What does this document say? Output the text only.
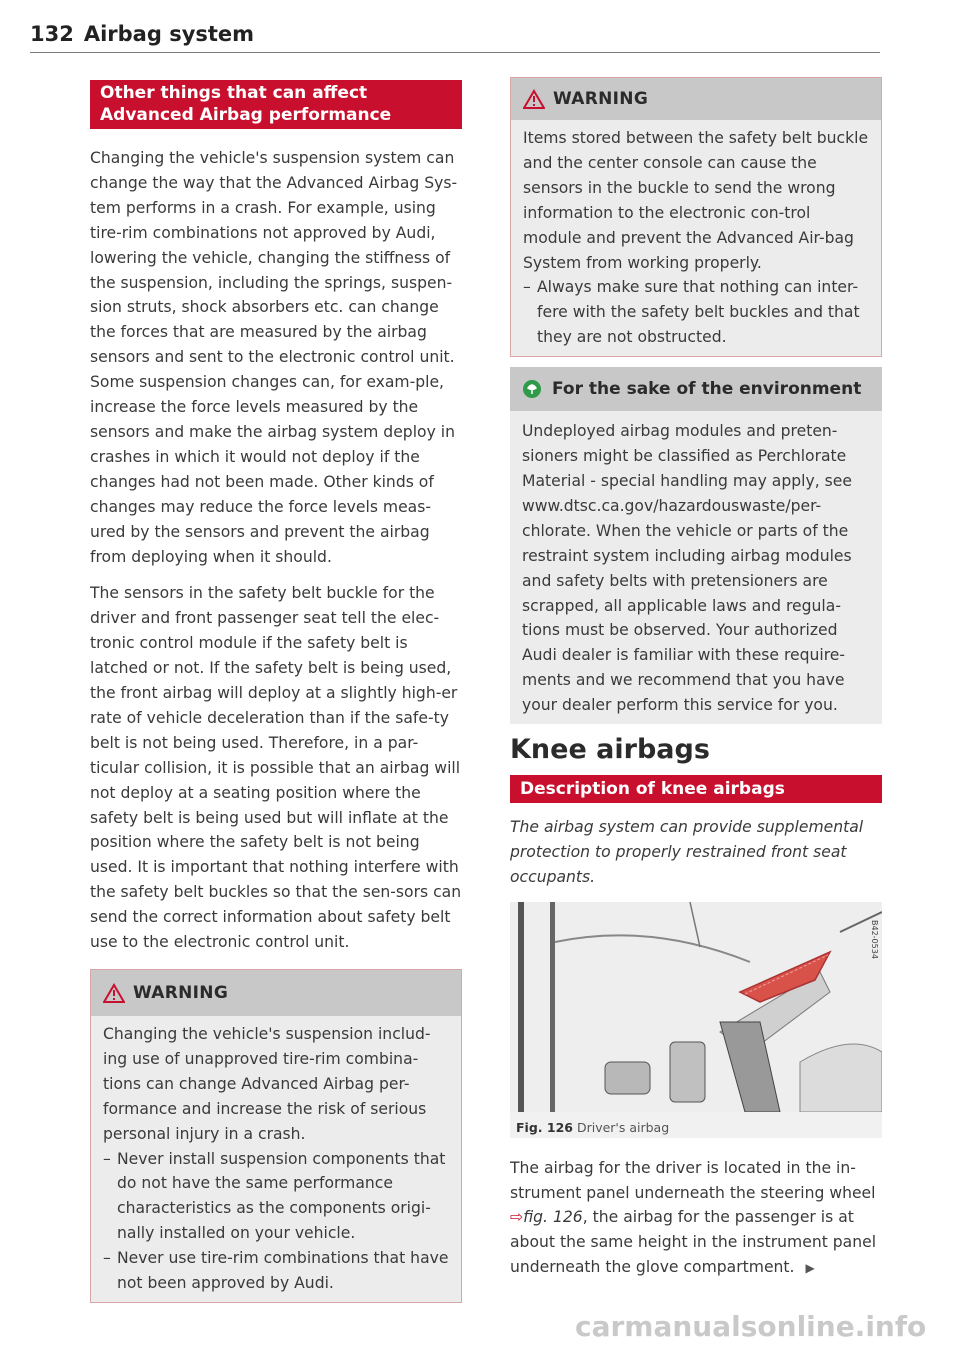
132 Airbag system
Other things that can affect Advanced Airbag performance

Changing the vehicle's suspension system can change the way that the Advanced Airbag Sys-tem performs in a crash. For example, using tire-rim combinations not approved by Audi, lowering the vehicle, changing the stiffness of the suspension, including the springs, suspen-sion struts, shock absorbers etc. can change the forces that are measured by the airbag sensors and sent to the electronic control unit. Some suspension changes can, for exam-ple, increase the force levels measured by the sensors and make the airbag system deploy in crashes in which it would not deploy if the changes had not been made. Other kinds of changes may reduce the force levels meas-ured by the sensors and prevent the airbag from deploying when it should.

The sensors in the safety belt buckle for the driver and front passenger seat tell the elec-tronic control module if the safety belt is latched or not. If the safety belt is being used, the front airbag will deploy at a slightly high-er rate of vehicle deceleration than if the safe-ty belt is not being used. Therefore, in a par-ticular collision, it is possible that an airbag will not deploy at a seating position where the safety belt is being used but will inflate at the position where the safety belt is not being used. It is important that nothing interfere with the safety belt buckles so that the sen-sors can send the correct information about safety belt use to the electronic control unit.

WARNING

Changing the vehicle's suspension includ-ing use of unapproved tire-rim combina-tions can change Advanced Airbag per-formance and increase the risk of serious personal injury in a crash.

– Never install suspension components that do not have the same performance characteristics as the components origi-nally installed on your vehicle.
– Never use tire-rim combinations that have not been approved by Audi.
WARNING

Items stored between the safety belt buckle and the center console can cause the sensors in the buckle to send the wrong information to the electronic con-trol module and prevent the Advanced Air-bag System from working properly.

– Always make sure that nothing can inter-fere with the safety belt buckles and that they are not obstructed.
For the sake of the environment
Undeployed airbag modules and preten-sioners might be classified as Perchlorate Material - special handling may apply, see www.dtsc.ca.gov/hazardouswaste/per-chlorate. When the vehicle or parts of the restraint system including airbag modules and safety belts with pretensioners are scrapped, all applicable laws and regula-tions must be observed. Your authorized Audi dealer is familiar with these require-ments and we recommend that you have your dealer perform this service for you.
Knee airbags
Description of knee airbags

The airbag system can provide supplemental protection to properly restrained front seat occupants.

B42-0534
Fig. 126 Driver's airbag

The airbag for the driver is located in the in-strument panel underneath the steering wheel ⇨fig. 126, the airbag for the passenger is at about the same height in the instrument panel underneath the glove compartment. ▶

carmanualsonline.info
